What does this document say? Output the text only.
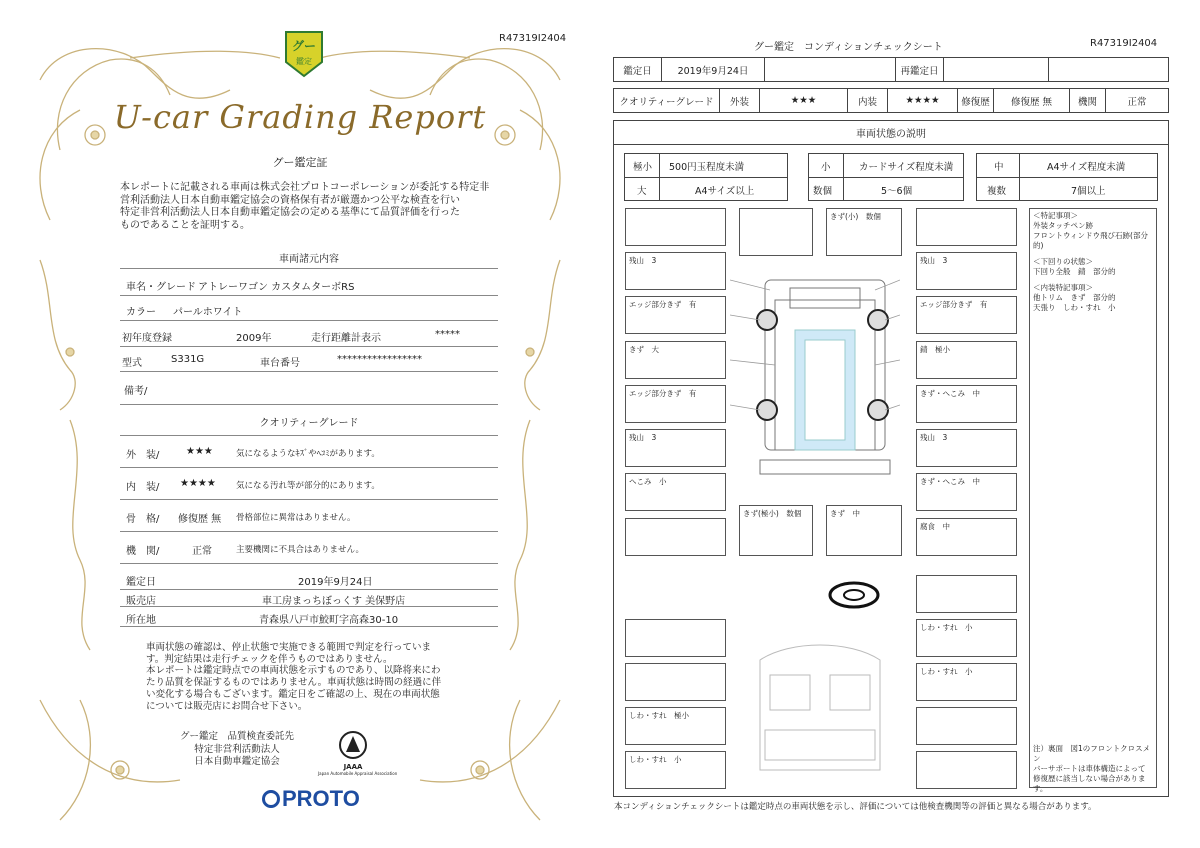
R47319I2404
グー
鑑定
U-car Grading Report
グー鑑定証
本レポートに記載される車両は株式会社プロトコーポレーションが委託する特定非
営利活動法人日本自動車鑑定協会の資格保有者が厳選かつ公平な検査を行い
特定非営利活動法人日本自動車鑑定協会の定める基準にて品質評価を行った
ものであることを証明する。
車両諸元内容
車名・グレード アトレーワゴン カスタムターボRS
カラー パールホワイト
初年度登録	2009年	走行距離計表示	*****
型式	S331G	車台番号	*****************
備考/
クオリティーグレード
外　装/	★★★	気になるようなｷｽﾞやﾍｺﾐがあります。
内　装/ ★★★★ 気になる汚れ等が部分的にあります。
骨　格/ 修復歴 無 骨格部位に異常はありません。
機　関/	正常	主要機関に不具合はありません。
鑑定日	2019年9月24日
販売店	車工房まっちぼっくす 美保野店
所在地	青森県八戸市鮫町字高森30-10
車両状態の確認は、停止状態で実施できる範囲で判定を行っていま
す。判定結果は走行チェックを伴うものではありません。
本レポートは鑑定時点での車両状態を示すものであり、以降将来にわ
たり品質を保証するものではありません。車両状態は時間の経過に伴
い変化する場合もございます。鑑定日をご確認の上、現在の車両状態
については販売店にお問合せ下さい。
グー鑑定　品質検査委託先
特定非営利活動法人
日本自動車鑑定協会	JAAA
Japan Automobile Appraisal Association
PROTO
グー鑑定　コンディションチェックシート	R47319I2404
鑑定日	2019年9月24日	再鑑定日
クオリティーグレード	外装	★★★	内装	★★★★	修復歴	修復歴 無	機関	正常
車両状態の説明
極小 500円玉程度未満
大	A4サイズ以上
小	カードサイズ程度未満
数個	5～6個
中	A4サイズ程度未満
複数	7個以上
残山　3
エッジ部分きず　有
きず　大
エッジ部分きず　有
残山　3
へこみ　小
きず(小)　数個
きず(極小)　数個	きず　中
残山　3
エッジ部分きず　有
錆　極小
きず・へこみ　中
残山　3
きず・へこみ　中
腐食　中
しわ・すれ　小
しわ・すれ　小
しわ・すれ　極小
しわ・すれ　小
本コンディションチェックシートは鑑定時点の車両状態を示し、評価については他検査機関等の評価と異なる場合があります。
＜特記事項＞
外装タッチペン跡
フロントウィンドウ飛び石跡(部分
的)
＜下回りの状態＞
下回り全般　錆　部分的
＜内装特記事項＞
他トリム　きず　部分的
天張り　しわ・すれ　小
注）裏面　図1のフロントクロスメン
バーサポートは車体構造によって
修復歴に該当しない場合がありま
す。
